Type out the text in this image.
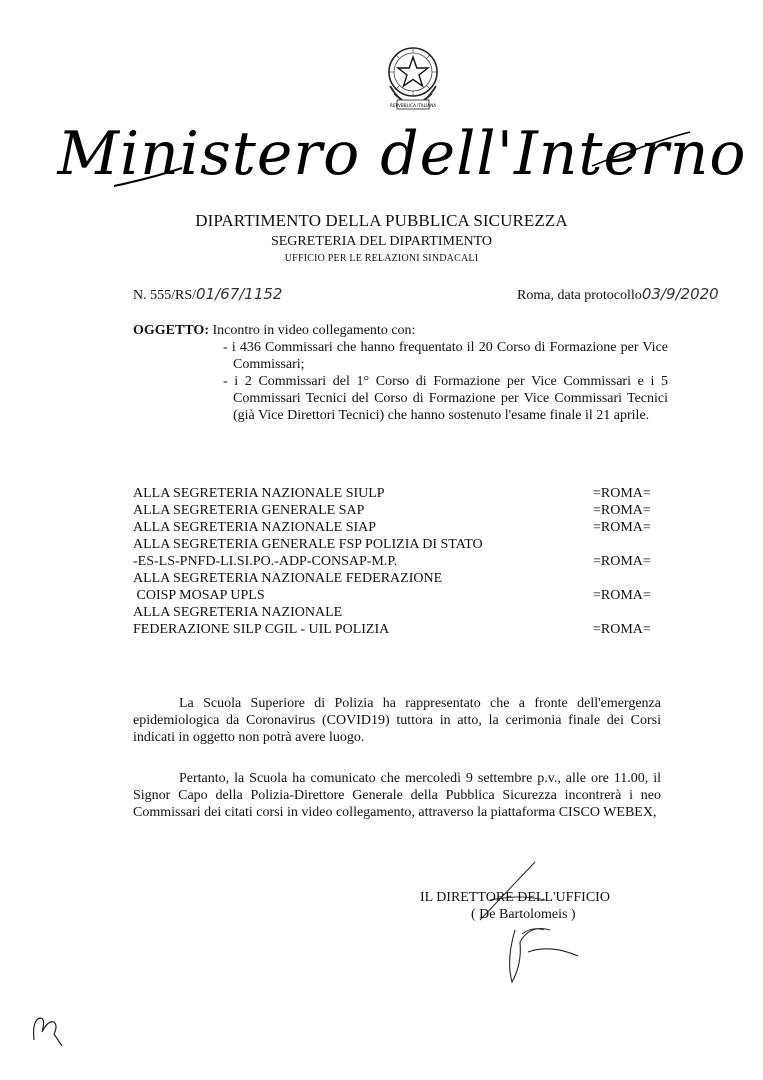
REPVBBLICA ITALIANA
Ministero dell'Interno
DIPARTIMENTO DELLA PUBBLICA SICUREZZA
SEGRETERIA DEL DIPARTIMENTO
UFFICIO PER LE RELAZIONI SINDACALI
N. 555/RS/01/67/1152	Roma, data protocollo03/9/2020
OGGETTO: Incontro in video collegamento con:
- i 436 Commissari che hanno frequentato il 20 Corso di Formazione per Vice Commissari;
- i 2 Commissari del 1° Corso di Formazione per Vice Commissari e i 5 Commissari Tecnici del Corso di Formazione per Vice Commissari Tecnici (già Vice Direttori Tecnici) che hanno sostenuto l'esame finale il 21 aprile.
ALLA SEGRETERIA NAZIONALE SIULP	=ROMA=
ALLA SEGRETERIA GENERALE SAP	=ROMA=
ALLA SEGRETERIA NAZIONALE SIAP	=ROMA=
ALLA SEGRETERIA GENERALE FSP POLIZIA DI STATO
-ES-LS-PNFD-LI.SI.PO.-ADP-CONSAP-M.P.	=ROMA=
ALLA SEGRETERIA NAZIONALE FEDERAZIONE
COISP MOSAP UPLS	=ROMA=
ALLA SEGRETERIA NAZIONALE
FEDERAZIONE SILP CGIL - UIL POLIZIA	=ROMA=

La Scuola Superiore di Polizia ha rappresentato che a fronte dell'emergenza epidemiologica da Coronavirus (COVID19) tuttora in atto, la cerimonia finale dei Corsi indicati in oggetto non potrà avere luogo.

Pertanto, la Scuola ha comunicato che mercoledì 9 settembre p.v., alle ore 11.00, il Signor Capo della Polizia-Direttore Generale della Pubblica Sicurezza incontrerà i neo Commissari dei citati corsi in video collegamento, attraverso la piattaforma CISCO WEBEX,

IL DIRETTORE DELL'UFFICIO
( De Bartolomeis )
